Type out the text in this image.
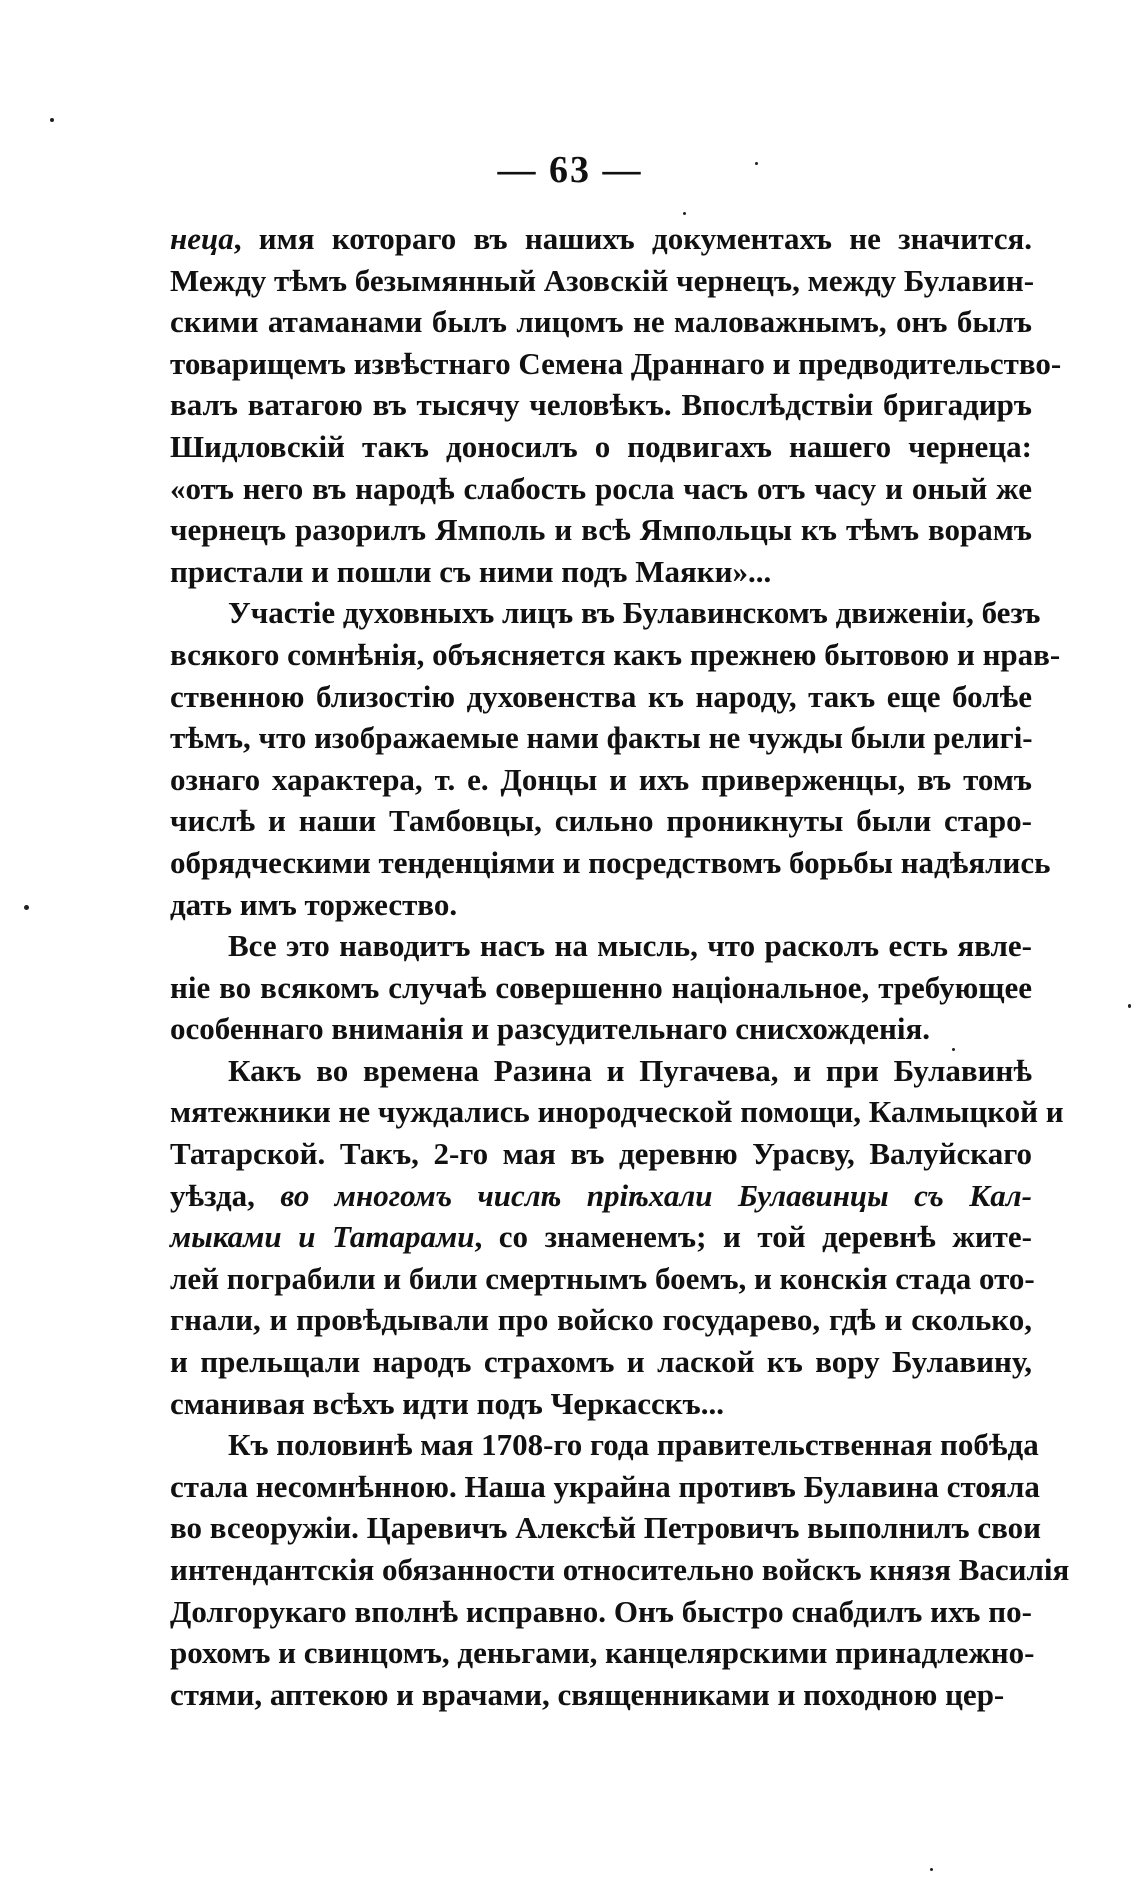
— 63 —
неца, имя котораго въ нашихъ документахъ не значится.
Между тѣмъ безымянный Азовскій чернецъ, между Булавин-
скими атаманами былъ лицомъ не маловажнымъ, онъ былъ
товарищемъ извѣстнаго Семена Драннаго и предводительство-
валъ ватагою въ тысячу человѣкъ. Впослѣдствіи бригадиръ
Шидловскій такъ доносилъ о подвигахъ нашего чернеца:
«отъ него въ народѣ слабость росла часъ отъ часу и оный же
чернецъ разорилъ Ямполь и всѣ Ямпольцы къ тѣмъ ворамъ
пристали и пошли съ ними подъ Маяки»...
Участіе духовныхъ лицъ въ Булавинскомъ движеніи, безъ
всякого сомнѣнія, объясняется какъ прежнею бытовою и нрав-
ственною близостію духовенства къ народу, такъ еще болѣе
тѣмъ, что изображаемые нами факты не чужды были религі-
ознаго характера, т. е. Донцы и ихъ приверженцы, въ томъ
числѣ и наши Тамбовцы, сильно проникнуты были старо-
обрядческими тенденціями и посредствомъ борьбы надѣялись
дать имъ торжество.
Все это наводитъ насъ на мысль, что расколъ есть явле-
ніе во всякомъ случаѣ совершенно національное, требующее
особеннаго вниманія и разсудительнаго снисхожденія.
Какъ во времена Разина и Пугачева, и при Булавинѣ
мятежники не чуждались инородческой помощи, Калмыцкой и
Татарской. Такъ, 2-го мая въ деревню Урасву, Валуйскаго
уѣзда, во многомъ числѣ пріѣхали Булавинцы съ Кал-
мыками и Татарами, со знаменемъ; и той деревнѣ жите-
лей пограбили и били смертнымъ боемъ, и конскія стада ото-
гнали, и провѣдывали про войско государево, гдѣ и сколько,
и прельщали народъ страхомъ и лаской къ вору Булавину,
сманивая всѣхъ идти подъ Черкасскъ...
Къ половинѣ мая 1708-го года правительственная побѣда
стала несомнѣнною. Наша украйна противъ Булавина стояла
во всеоружіи. Царевичъ Алексѣй Петровичъ выполнилъ свои
интендантскія обязанности относительно войскъ князя Василія
Долгорукаго вполнѣ исправно. Онъ быстро снабдилъ ихъ по-
рохомъ и свинцомъ, деньгами, канцелярскими принадлежно-
стями, аптекою и врачами, священниками и походною цер-
